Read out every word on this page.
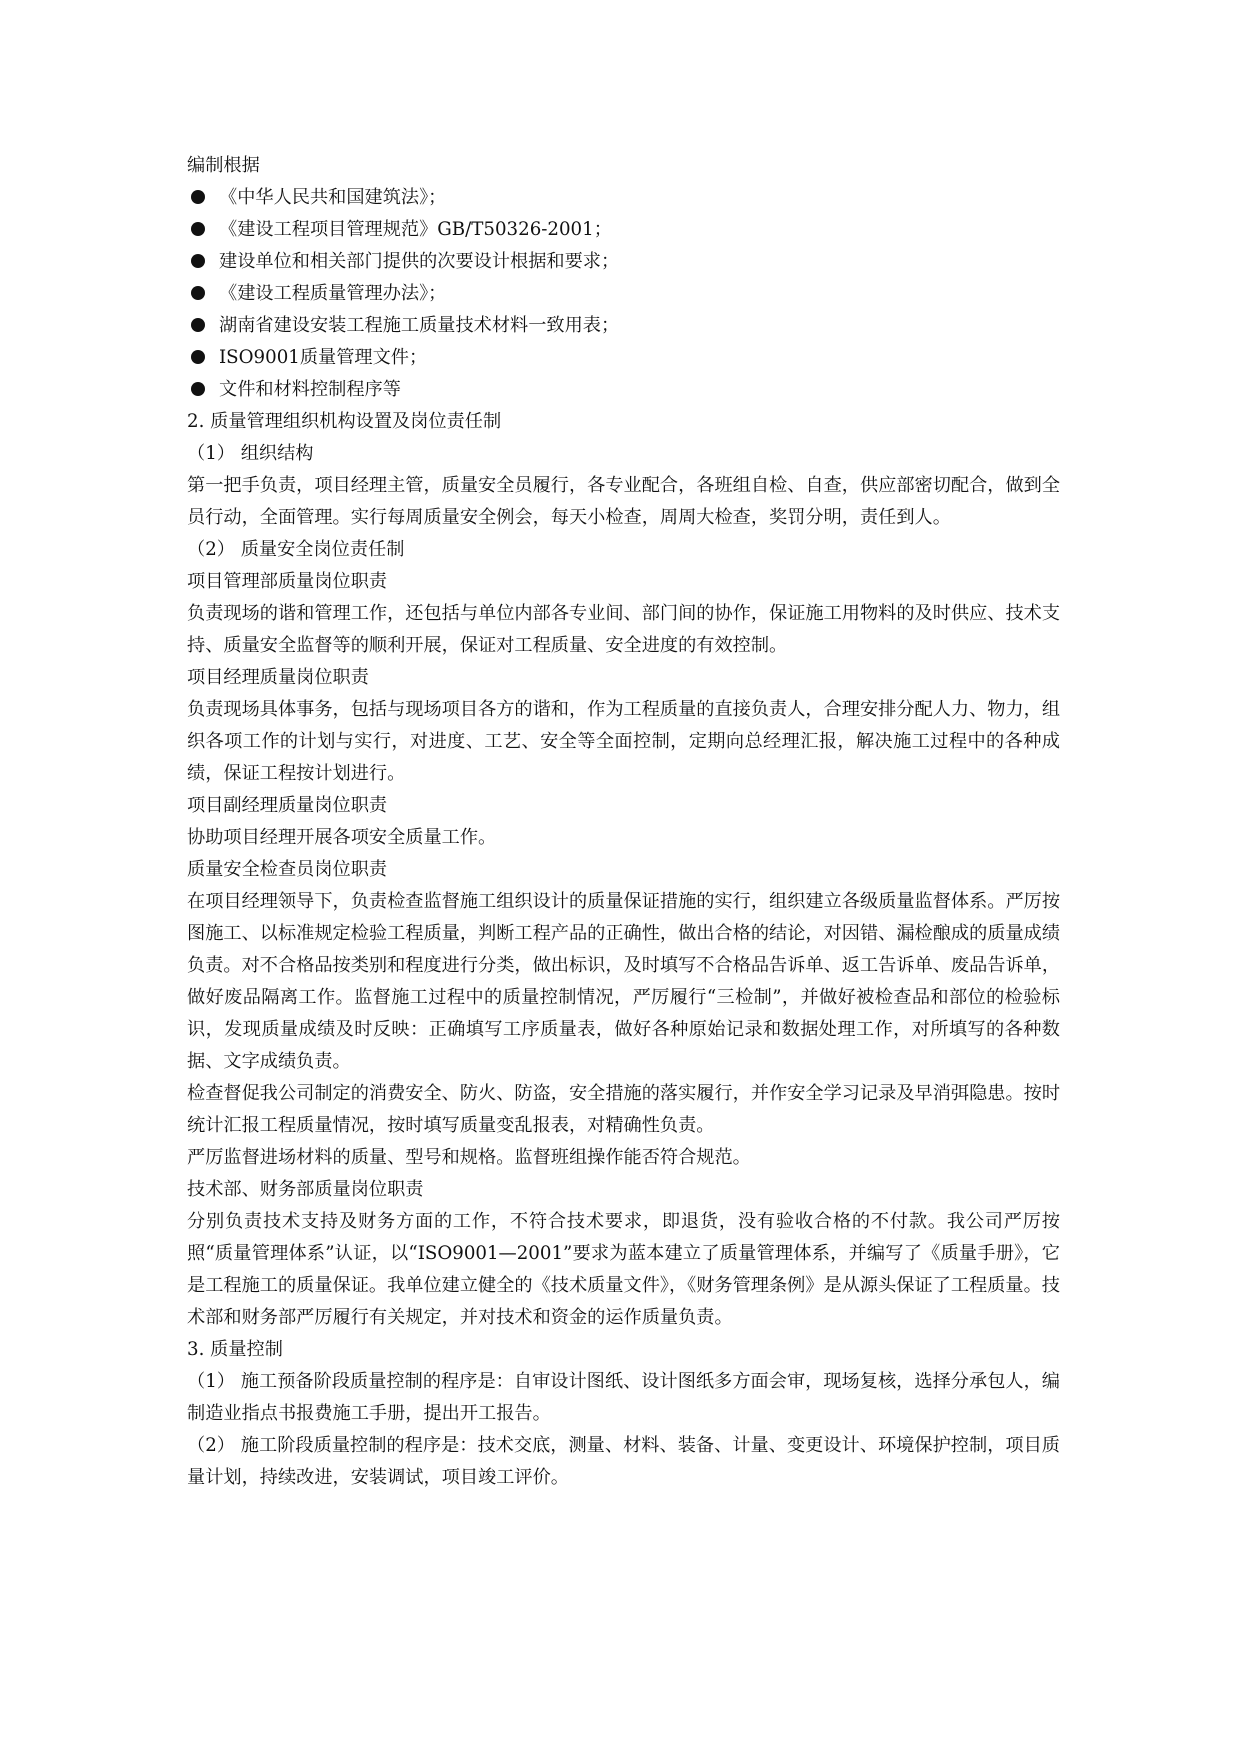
编制根据
《中华人民共和国建筑法》；
《建设工程项目管理规范》GB/T50326-2001；
建设单位和相关部门提供的次要设计根据和要求；
《建设工程质量管理办法》；
湖南省建设安装工程施工质量技术材料一致用表；
ISO9001质量管理文件；
文件和材料控制程序等
2. 质量管理组织机构设置及岗位责任制
（1） 组织结构

第一把手负责，项目经理主管，质量安全员履行，各专业配合，各班组自检、自查，供应部密切配合，做到全员行动，全面管理。实行每周质量安全例会，每天小检查，周周大检查，奖罚分明，责任到人。

（2） 质量安全岗位责任制
项目管理部质量岗位职责

负责现场的谐和管理工作，还包括与单位内部各专业间、部门间的协作，保证施工用物料的及时供应、技术支持、质量安全监督等的顺利开展，保证对工程质量、安全进度的有效控制。

项目经理质量岗位职责

负责现场具体事务，包括与现场项目各方的谐和，作为工程质量的直接负责人，合理安排分配人力、物力，组织各项工作的计划与实行，对进度、工艺、安全等全面控制，定期向总经理汇报，解决施工过程中的各种成绩，保证工程按计划进行。

项目副经理质量岗位职责

协助项目经理开展各项安全质量工作。

质量安全检查员岗位职责

在项目经理领导下，负责检查监督施工组织设计的质量保证措施的实行，组织建立各级质量监督体系。严厉按图施工、以标准规定检验工程质量，判断工程产品的正确性，做出合格的结论，对因错、漏检酿成的质量成绩负责。对不合格品按类别和程度进行分类，做出标识，及时填写不合格品告诉单、返工告诉单、废品告诉单，做好废品隔离工作。监督施工过程中的质量控制情况，严厉履行“三检制”，并做好被检查品和部位的检验标识，发现质量成绩及时反映：正确填写工序质量表，做好各种原始记录和数据处理工作，对所填写的各种数据、文字成绩负责。

检查督促我公司制定的消费安全、防火、防盗，安全措施的落实履行，并作安全学习记录及早消弭隐患。按时统计汇报工程质量情况，按时填写质量变乱报表，对精确性负责。

严厉监督进场材料的质量、型号和规格。监督班组操作能否符合规范。

技术部、财务部质量岗位职责

分别负责技术支持及财务方面的工作，不符合技术要求，即退货，没有验收合格的不付款。我公司严厉按照“质量管理体系”认证，以“ISO9001—2001”要求为蓝本建立了质量管理体系，并编写了《质量手册》，它是工程施工的质量保证。我单位建立健全的《技术质量文件》，《财务管理条例》是从源头保证了工程质量。技术部和财务部严厉履行有关规定，并对技术和资金的运作质量负责。

3. 质量控制

（1） 施工预备阶段质量控制的程序是：自审设计图纸、设计图纸多方面会审，现场复核，选择分承包人，编制造业指点书报费施工手册，提出开工报告。

（2） 施工阶段质量控制的程序是：技术交底，测量、材料、装备、计量、变更设计、环境保护控制，项目质量计划，持续改进，安装调试，项目竣工评价。
